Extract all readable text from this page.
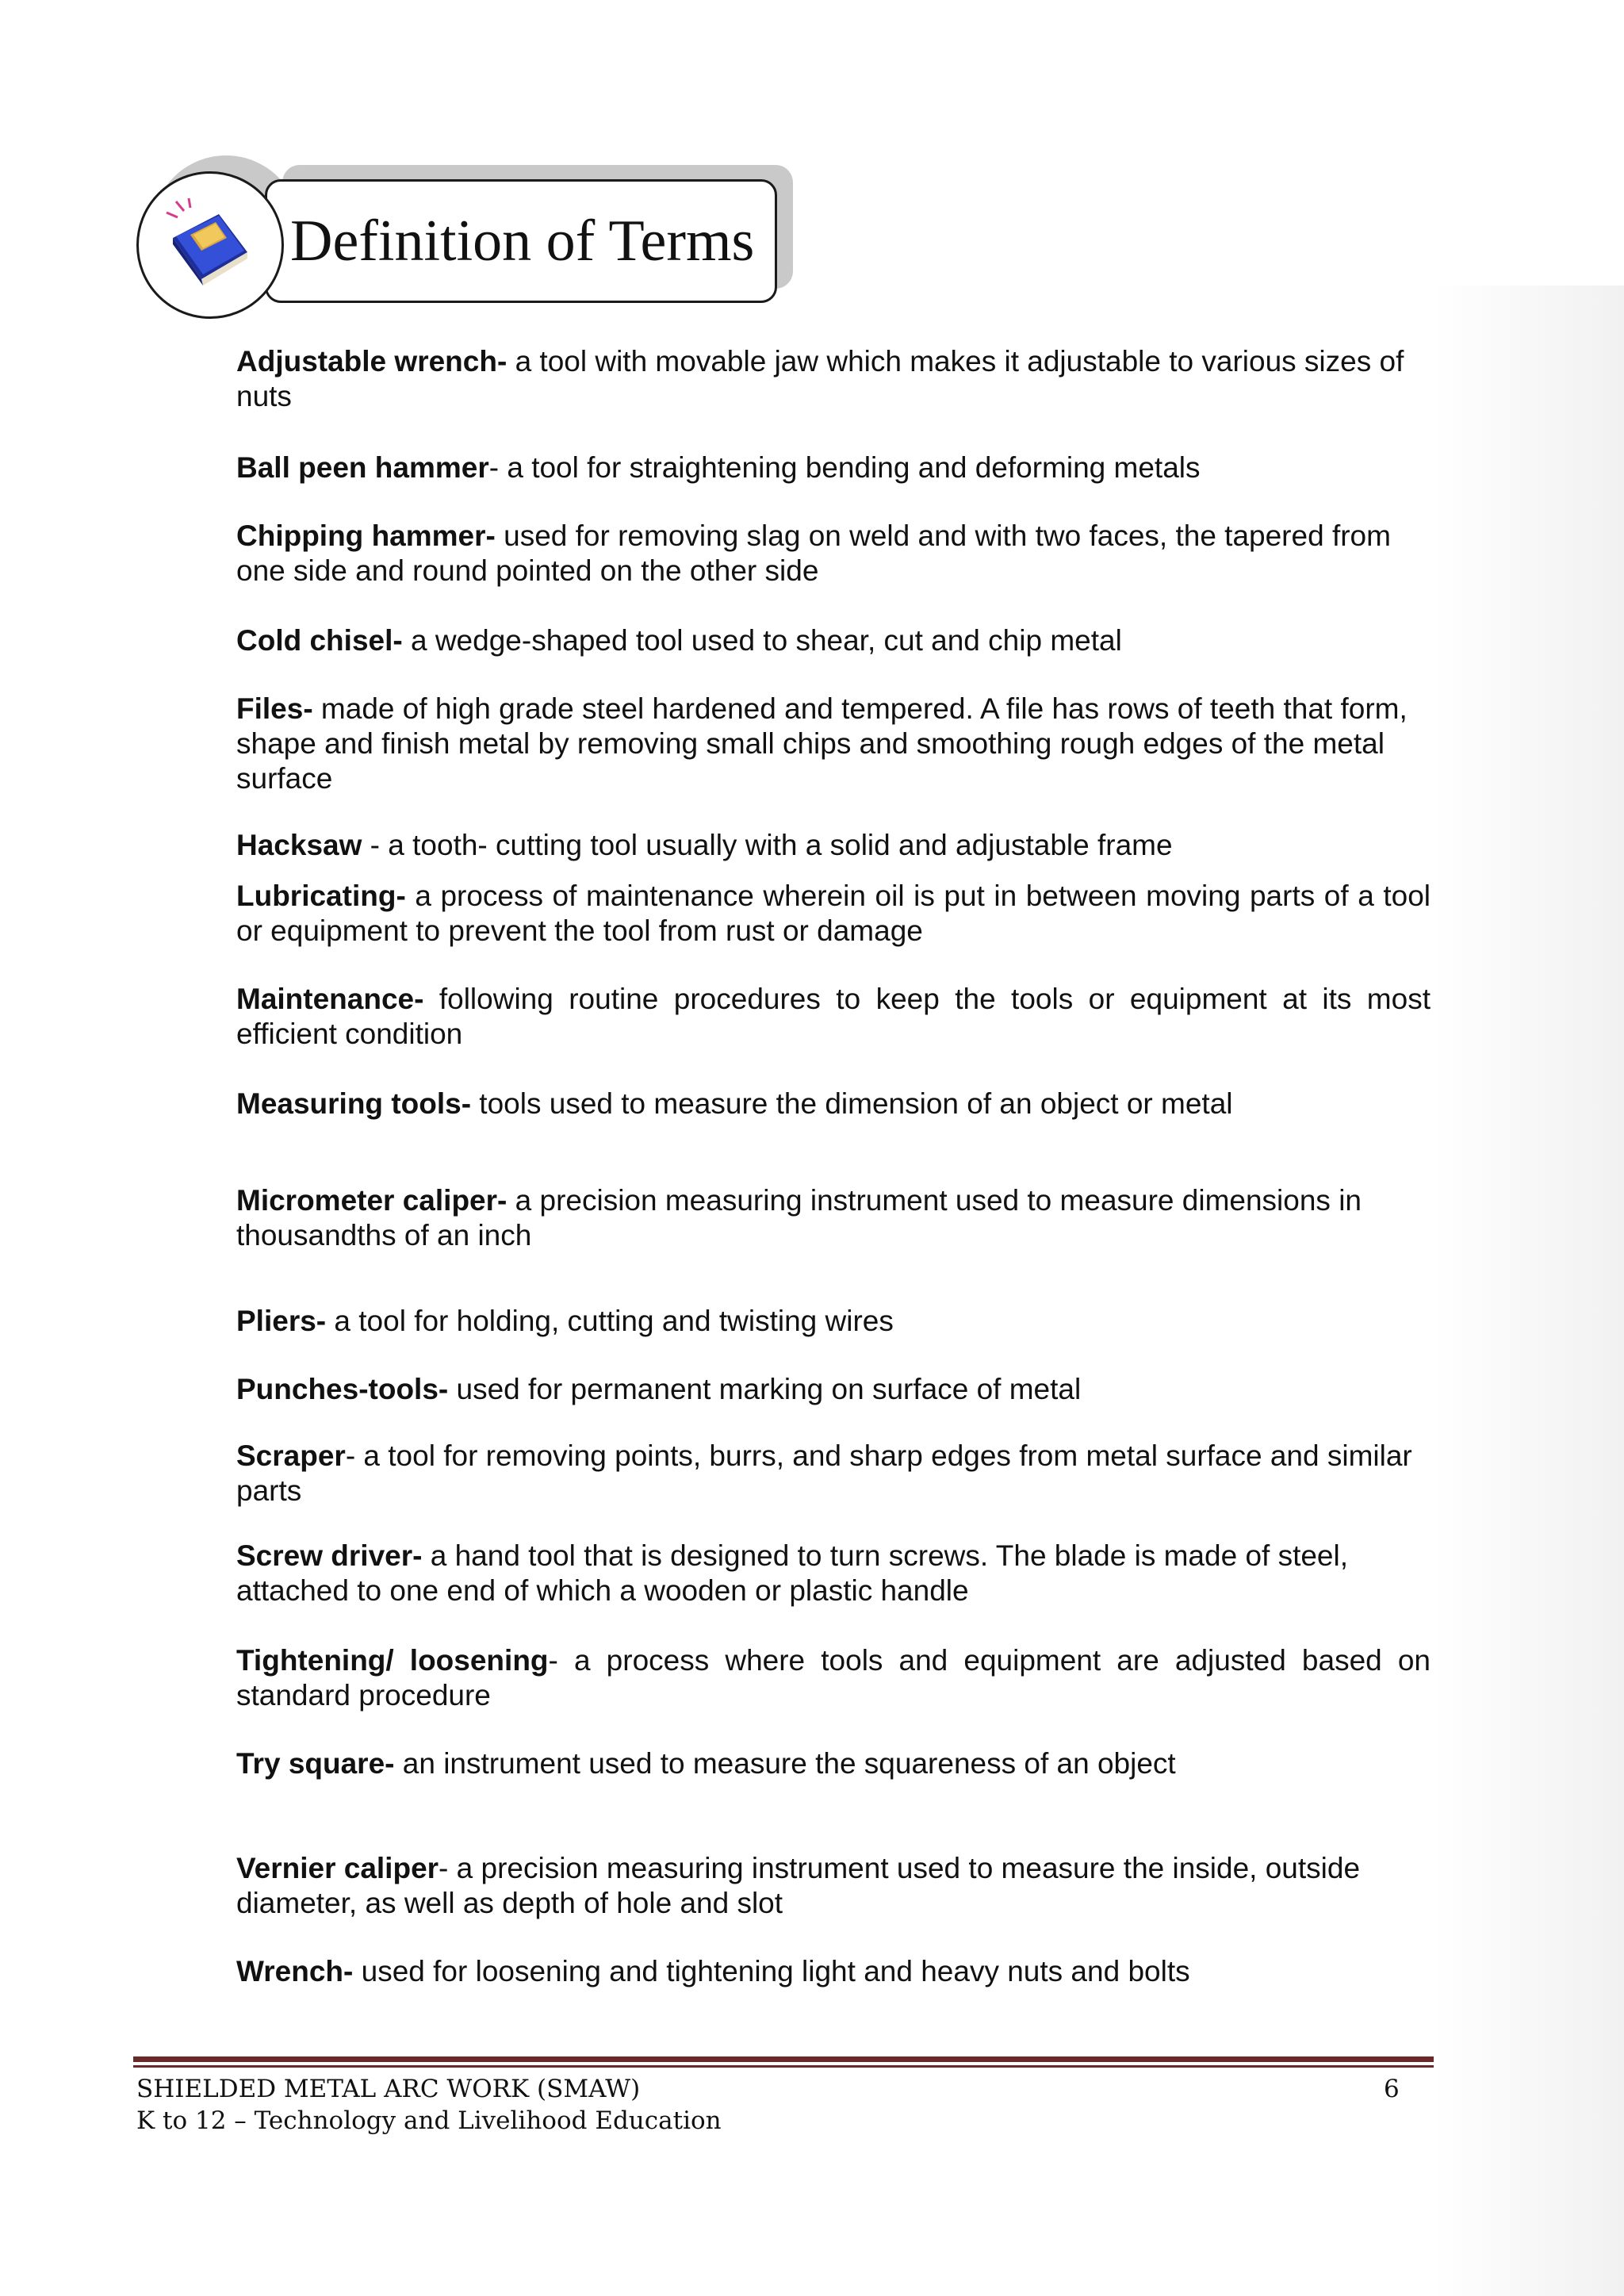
Definition of Terms
Adjustable wrench- a tool with movable jaw which makes it adjustable to various sizes of nuts
Ball peen hammer- a tool for straightening bending and deforming metals
Chipping hammer- used for removing slag on weld and with two faces, the tapered from one side and round pointed on the other side
Cold chisel- a wedge-shaped tool used to shear, cut and chip metal
Files- made of high grade steel hardened and tempered. A file has rows of teeth that form, shape and finish metal by removing small chips and smoothing rough edges of the metal surface
Hacksaw - a tooth- cutting tool usually with a solid and adjustable frame
Lubricating- a process of maintenance wherein oil is put in between moving parts of a tool or equipment to prevent the tool from rust or damage
Maintenance- following routine procedures to keep the tools or equipment at its most efficient condition
Measuring tools- tools used to measure the dimension of an object or metal
Micrometer caliper- a precision measuring instrument used to measure dimensions in thousandths of an inch
Pliers- a tool for holding, cutting and twisting wires
Punches-tools- used for permanent marking on surface of metal
Scraper- a tool for removing points, burrs, and sharp edges from metal surface and similar parts
Screw driver- a hand tool that is designed to turn screws. The blade is made of steel, attached to one end of which a wooden or plastic handle
Tightening/ loosening- a process where tools and equipment are adjusted based on standard procedure
Try square- an instrument used to measure the squareness of an object
Vernier caliper- a precision measuring instrument used to measure the inside, outside diameter, as well as depth of hole and slot
Wrench- used for loosening and tightening light and heavy nuts and bolts
SHIELDED METAL ARC WORK (SMAW)	6
K to 12 – Technology and Livelihood Education
